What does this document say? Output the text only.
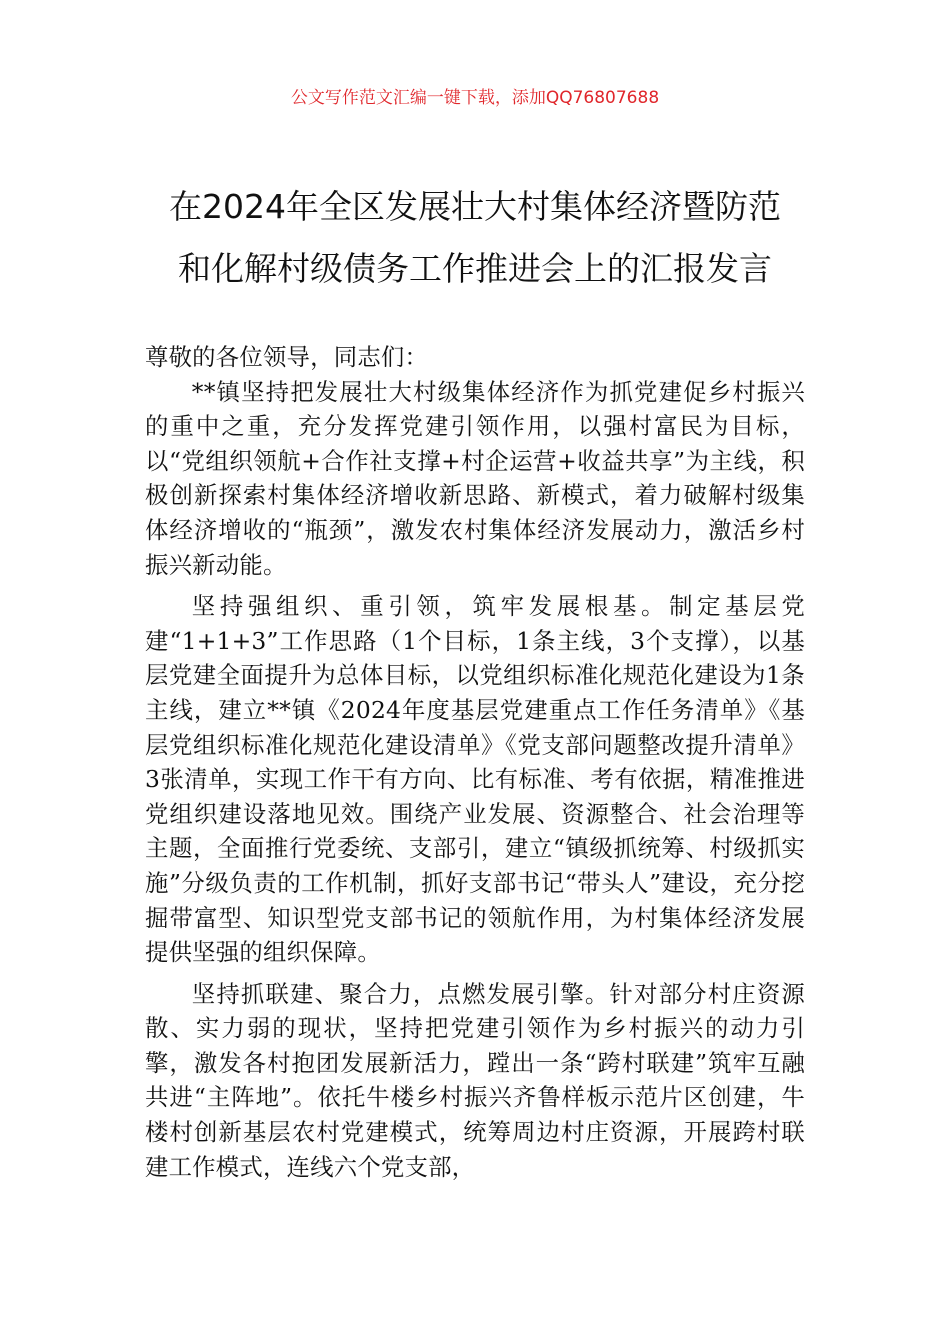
公文写作范文汇编一键下载，添加QQ76807688
在2024年全区发展壮大村集体经济暨防范
和化解村级债务工作推进会上的汇报发言

尊敬的各位领导，同志们：

**镇坚持把发展壮大村级集体经济作为抓党建促乡村振兴的重中之重，充分发挥党建引领作用，以强村富民为目标，以“党组织领航+合作社支撑+村企运营+收益共享”为主线，积极创新探索村集体经济增收新思路、新模式，着力破解村级集体经济增收的“瓶颈”，激发农村集体经济发展动力，激活乡村振兴新动能。

坚持强组织、重引领，筑牢发展根基。制定基层党建“1+1+3”工作思路（1个目标，1条主线，3个支撑），以基层党建全面提升为总体目标，以党组织标准化规范化建设为1条主线，建立**镇《2024年度基层党建重点工作任务清单》《基层党组织标准化规范化建设清单》《党支部问题整改提升清单》3张清单，实现工作干有方向、比有标准、考有依据，精准推进党组织建设落地见效。围绕产业发展、资源整合、社会治理等主题，全面推行党委统、支部引，建立“镇级抓统筹、村级抓实施”分级负责的工作机制，抓好支部书记“带头人”建设，充分挖掘带富型、知识型党支部书记的领航作用，为村集体经济发展提供坚强的组织保障。

坚持抓联建、聚合力，点燃发展引擎。针对部分村庄资源散、实力弱的现状，坚持把党建引领作为乡村振兴的动力引擎，激发各村抱团发展新活力，蹚出一条“跨村联建”筑牢互融共进“主阵地”。依托牛楼乡村振兴齐鲁样板示范片区创建，牛楼村创新基层农村党建模式，统筹周边村庄资源，开展跨村联建工作模式，连线六个党支部，
